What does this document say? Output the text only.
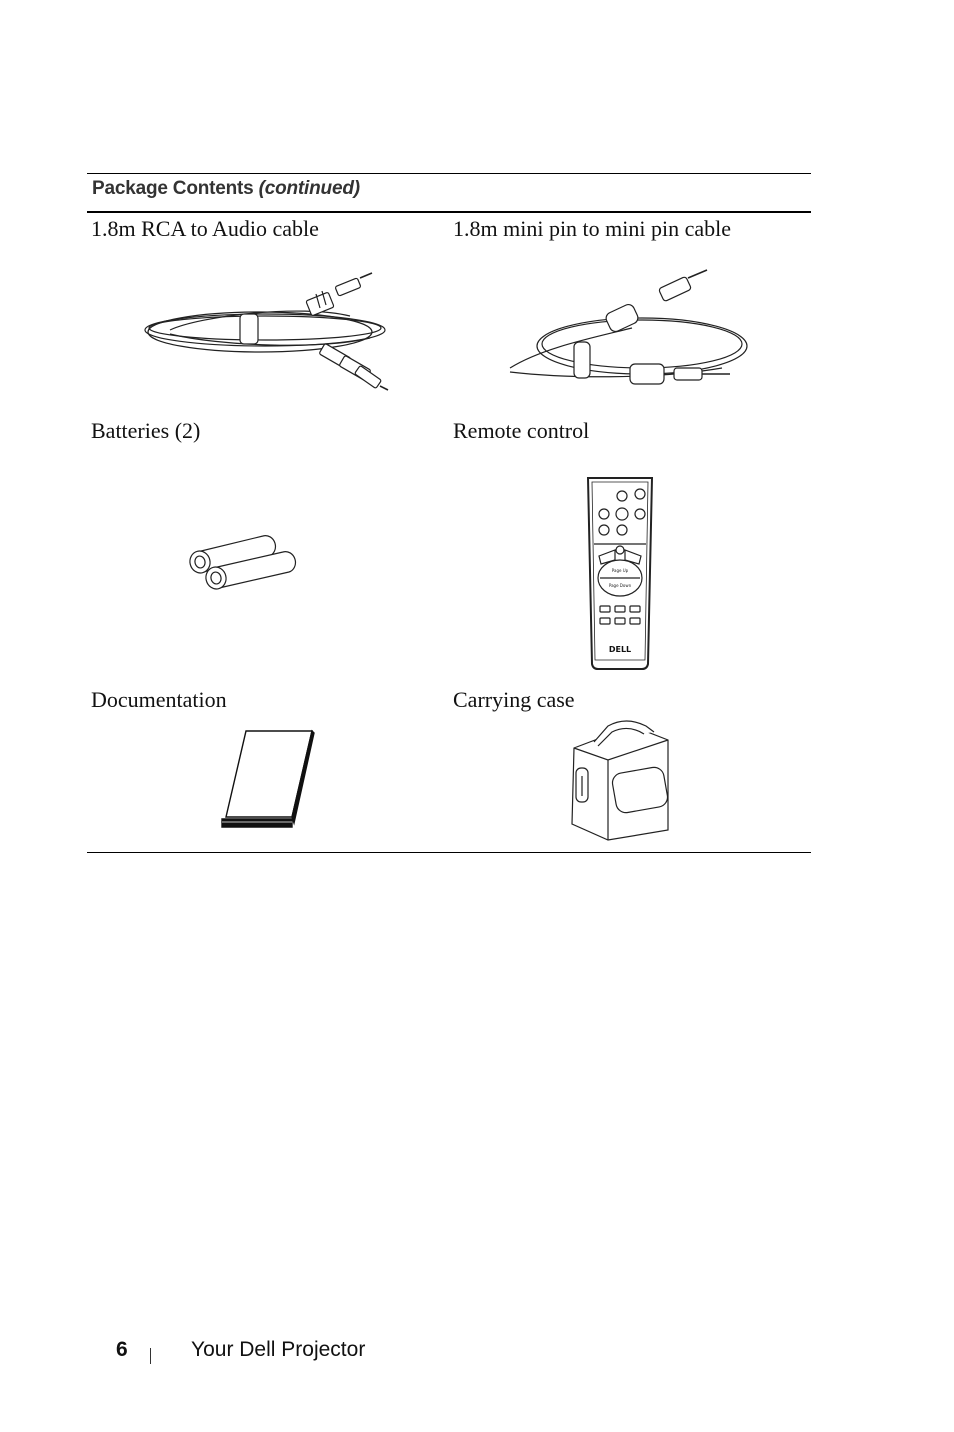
Package Contents (continued)
1.8m RCA to Audio cable	1.8m mini pin to mini pin cable
Batteries (2)	Remote control
Page Up
Page Down
DELL
Documentation	Carrying case
6	Your Dell Projector
